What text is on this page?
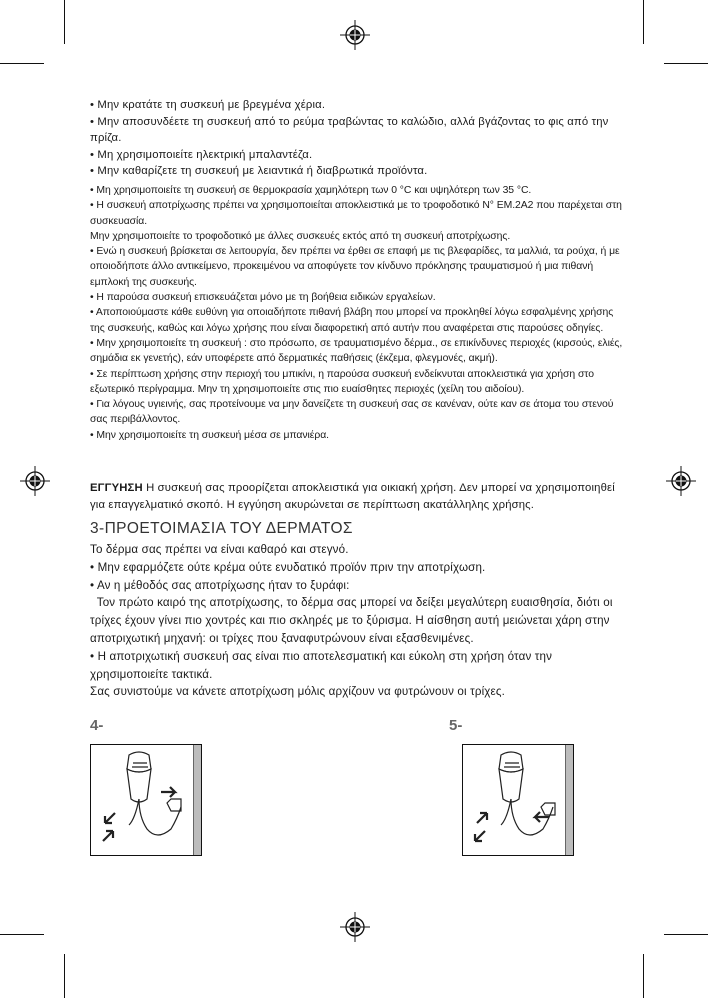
• Μην κρατάτε τη συσκευή με βρεγμένα χέρια.

• Μην αποσυνδέετε τη συσκευή από το ρεύμα τραβώντας το καλώδιο, αλλά βγάζοντας το φις από την πρίζα.

• Μη χρησιμοποιείτε ηλεκτρική μπαλαντέζα.

• Μην καθαρίζετε τη συσκευή με λειαντικά ή διαβρωτικά προϊόντα.

• Μη χρησιμοποιείτε τη συσκευή σε θερμοκρασία χαμηλότερη των 0 °C και υψηλότερη των 35 °C.

• Η συσκευή αποτρίχωσης πρέπει να χρησιμοποιείται αποκλειστικά με το τροφοδοτικό N° EM.2A2 που παρέχεται στη συσκευασία.

Μην χρησιμοποιείτε το τροφοδοτικό με άλλες συσκευές εκτός από τη συσκευή αποτρίχωσης.

• Ενώ η συσκευή βρίσκεται σε λειτουργία, δεν πρέπει να έρθει σε επαφή με τις βλεφαρίδες, τα μαλλιά, τα ρούχα, ή με οποιοδήποτε άλλο αντικείμενο, προκειμένου να αποφύγετε τον κίνδυνο πρόκλησης τραυματισμού ή μια πιθανή εμπλοκή της συσκευής.

• Η παρούσα συσκευή επισκευάζεται μόνο με τη βοήθεια ειδικών εργαλείων.

• Αποποιούμαστε κάθε ευθύνη για οποιαδήποτε πιθανή βλάβη που μπορεί να προκληθεί λόγω εσφαλμένης χρήσης της συσκευής, καθώς και λόγω χρήσης που είναι διαφορετική από αυτήν που αναφέρεται στις παρούσες οδηγίες.

• Μην χρησιμοποιείτε τη συσκευή : στο πρόσωπο, σε τραυματισμένο δέρμα., σε επικίνδυνες περιοχές (κιρσούς, ελιές, σημάδια εκ γενετής), εάν υποφέρετε από δερματικές παθήσεις (έκζεμα, φλεγμονές, ακμή).

• Σε περίπτωση χρήσης στην περιοχή του μπικίνι, η παρούσα συσκευή ενδείκνυται αποκλειστικά για χρήση στο εξωτερικό περίγραμμα. Μην τη χρησιμοποιείτε στις πιο ευαίσθητες περιοχές (χείλη του αιδοίου).

• Για λόγους υγιεινής, σας προτείνουμε να μην δανείζετε τη συσκευή σας σε κανέναν, ούτε καν σε άτομα του στενού σας περιβάλλοντος.

• Μην χρησιμοποιείτε τη συσκευή μέσα σε μπανιέρα.

ΕΓΓΥΗΣΗ Η συσκευή σας προορίζεται αποκλειστικά για οικιακή χρήση. Δεν μπορεί να χρησιμοποιηθεί για επαγγελματικό σκοπό. Η εγγύηση ακυρώνεται σε περίπτωση ακατάλληλης χρήσης.

3-ΠΡΟΕΤΟΙΜΑΣΙΑ ΤΟΥ ΔΕΡΜΑΤΟΣ

Το δέρμα σας πρέπει να είναι καθαρό και στεγνό.

• Μην εφαρμόζετε ούτε κρέμα ούτε ενυδατικό προϊόν πριν την αποτρίχωση.

• Αν η μέθοδός σας αποτρίχωσης ήταν το ξυράφι:

Τον πρώτο καιρό της αποτρίχωσης, το δέρμα σας μπορεί να δείξει μεγαλύτερη ευαισθησία, διότι οι τρίχες έχουν γίνει πιο χοντρές και πιο σκληρές με το ξύρισμα. Η αίσθηση αυτή μειώνεται χάρη στην αποτριχωτική μηχανή: οι τρίχες που ξαναφυτρώνουν είναι εξασθενιμένες.

• Η αποτριχωτική συσκευή σας είναι πιο αποτελεσματική και εύκολη στη χρήση όταν την χρησιμοποιείτε τακτικά.

Σας συνιστούμε να κάνετε αποτρίχωση μόλις αρχίζουν να φυτρώνουν οι τρίχες.

4-	5-
